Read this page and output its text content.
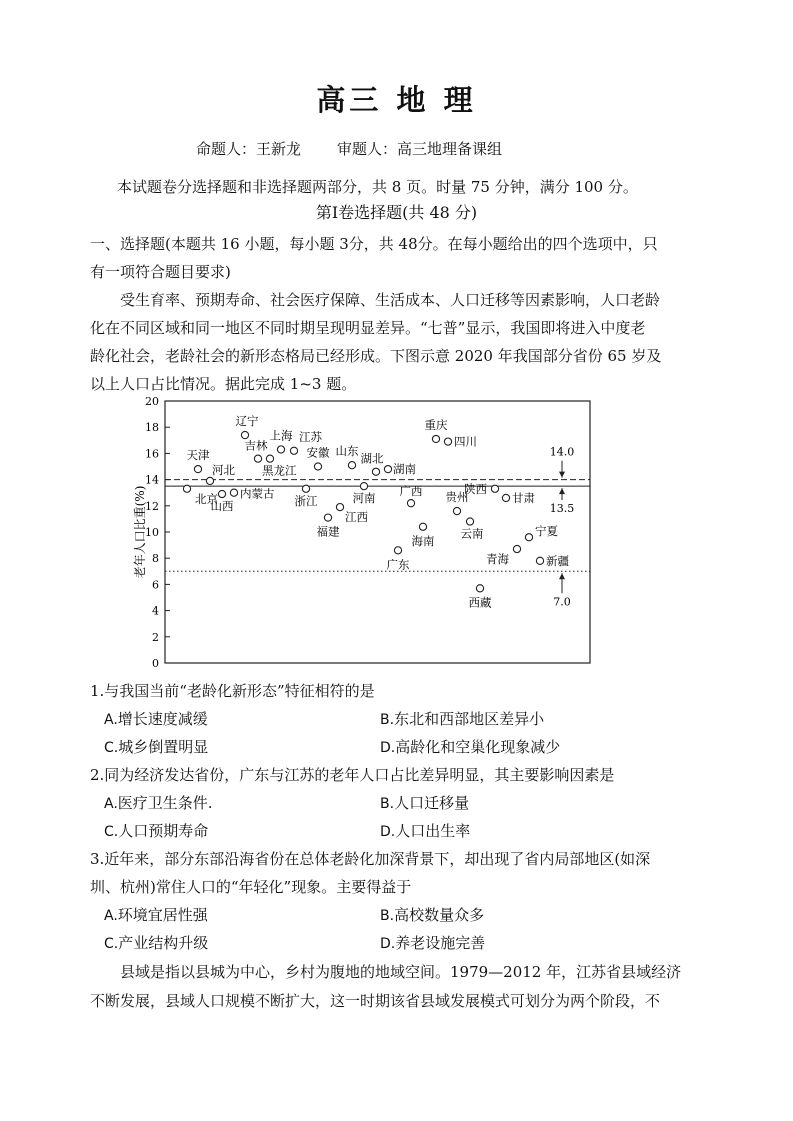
高三 地 理
命题人：王新龙 审题人：高三地理备课组
本试题卷分选择题和非选择题两部分，共 8 页。时量 75 分钟，满分 100 分。
第Ⅰ卷选择题(共 48 分)
一、选择题(本题共 16 小题，每小题 3分，共 48分。在每小题给出的四个选项中，只
有一项符合题目要求)
受生育率、预期寿命、社会医疗保障、生活成本、人口迁移等因素影响，人口老龄
化在不同区域和同一地区不同时期呈现明显差异。“七普”显示，我国即将进入中度老
龄化社会，老龄社会的新形态格局已经形成。下图示意 2020 年我国部分省份 65 岁及
以上人口占比情况。据此完成 1~3 题。
0
2
4
6
8
10
12
14
16
18
20
老年人口比重(%)
14.0
13.5
7.0
北京
天津
河北
山西
内蒙古
辽宁
吉林
黑龙江
上海 江苏
浙江
安徽
福建
江西
山东
河南
湖北
湖南
广东
广西
海南
重庆
四川
贵州
云南
西藏
陕西
甘肃
青海
宁夏
新疆
1.与我国当前“老龄化新形态”特征相符的是
A.增长速度减缓	B.东北和西部地区差异小
C.城乡倒置明显	D.高龄化和空巢化现象减少
2.同为经济发达省份，广东与江苏的老年人口占比差异明显，其主要影响因素是
A.医疗卫生条件.	B.人口迁移量
C.人口预期寿命	D.人口出生率
3.近年来，部分东部沿海省份在总体老龄化加深背景下，却出现了省内局部地区(如深
圳、杭州)常住人口的“年轻化”现象。主要得益于
A.环境宜居性强	B.高校数量众多
C.产业结构升级	D.养老设施完善
县域是指以县城为中心，乡村为腹地的地域空间。1979—2012 年，江苏省县域经济
不断发展，县域人口规模不断扩大，这一时期该省县域发展模式可划分为两个阶段，不
